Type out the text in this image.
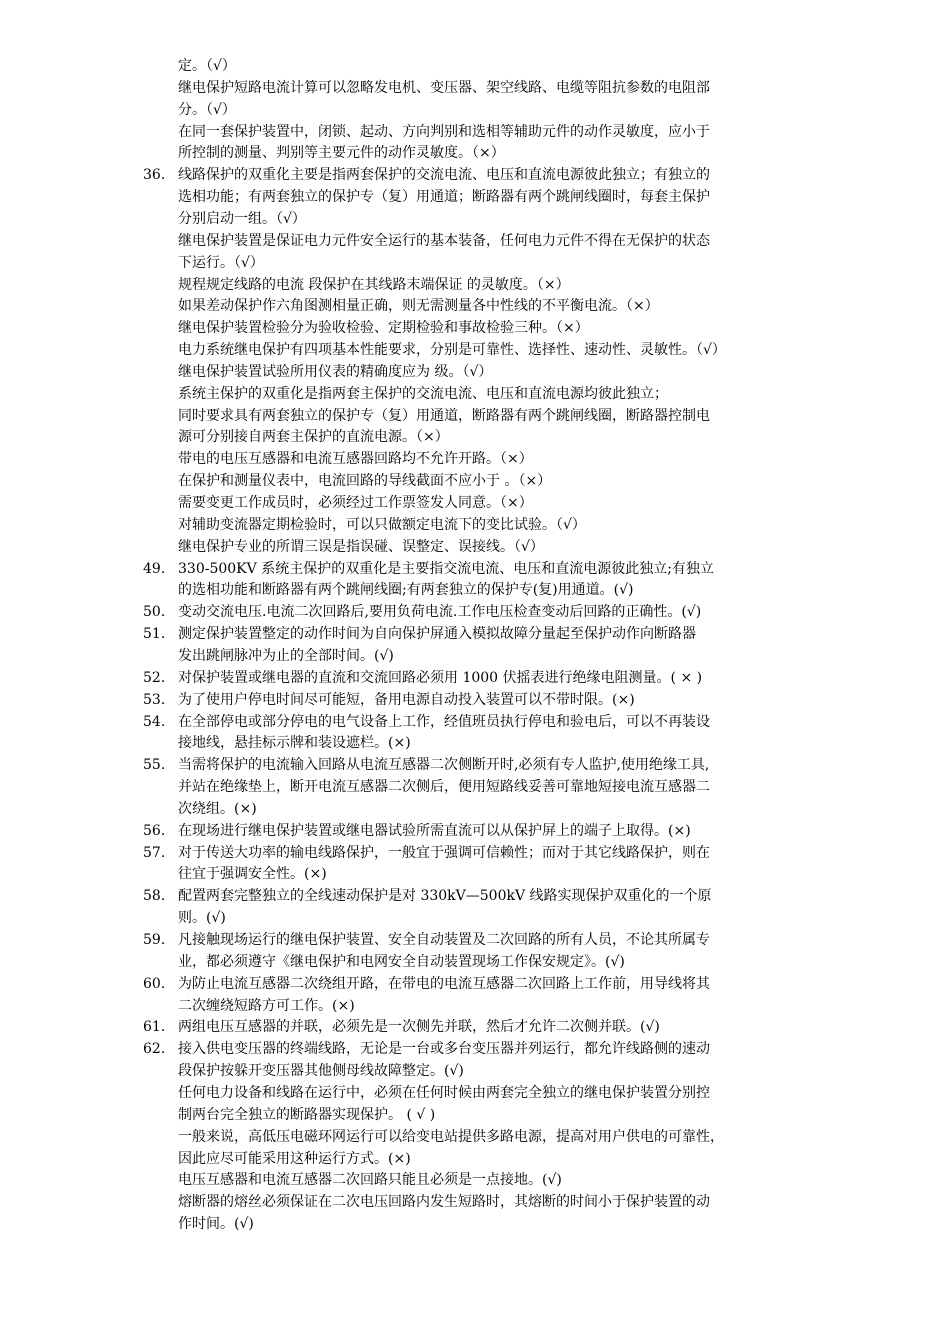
定。（√）
继电保护短路电流计算可以忽略发电机、变压器、架空线路、电缆等阻抗参数的电阻部
分。（√）
在同一套保护装置中，闭锁、起动、方向判别和选相等辅助元件的动作灵敏度，应小于
所控制的测量、判别等主要元件的动作灵敏度。（×）
36. 线路保护的双重化主要是指两套保护的交流电流、电压和直流电源彼此独立；有独立的
选相功能；有两套独立的保护专（复）用通道；断路器有两个跳闸线圈时，每套主保护
分别启动一组。（√）
继电保护装置是保证电力元件安全运行的基本装备，任何电力元件不得在无保护的状态
下运行。（√）
规程规定线路的电流 段保护在其线路末端保证 的灵敏度。（×）
如果差动保护作六角图测相量正确，则无需测量各中性线的不平衡电流。（×）
继电保护装置检验分为验收检验、定期检验和事故检验三种。（×）
电力系统继电保护有四项基本性能要求，分别是可靠性、选择性、速动性、灵敏性。（√）
继电保护装置试验所用仪表的精确度应为 级。（√）
系统主保护的双重化是指两套主保护的交流电流、电压和直流电源均彼此独立；
同时要求具有两套独立的保护专（复）用通道，断路器有两个跳闸线圈，断路器控制电
源可分别接自两套主保护的直流电源。（×）
带电的电压互感器和电流互感器回路均不允许开路。（×）
在保护和测量仪表中，电流回路的导线截面不应小于 。（×）
需要变更工作成员时，必须经过工作票签发人同意。（×）
对辅助变流器定期检验时，可以只做额定电流下的变比试验。（√）
继电保护专业的所谓三误是指误碰、误整定、误接线。（√）
49. 330-500KV 系统主保护的双重化是主要指交流电流、电压和直流电源彼此独立;有独立
的选相功能和断路器有两个跳闸线圈;有两套独立的保护专(复)用通道。(√)
50. 变动交流电压.电流二次回路后,要用负荷电流.工作电压检查变动后回路的正确性。(√)
51. 测定保护装置整定的动作时间为自向保护屏通入模拟故障分量起至保护动作向断路器
发出跳闸脉冲为止的全部时间。(√)
52. 对保护装置或继电器的直流和交流回路必须用 1000 伏摇表进行绝缘电阻测量。( × )
53. 为了使用户停电时间尽可能短，备用电源自动投入装置可以不带时限。(×)
54. 在全部停电或部分停电的电气设备上工作，经值班员执行停电和验电后，可以不再装设
接地线，悬挂标示牌和装设遮栏。(×)
55. 当需将保护的电流输入回路从电流互感器二次侧断开时,必须有专人监护,使用绝缘工具,
并站在绝缘垫上，断开电流互感器二次侧后，便用短路线妥善可靠地短接电流互感器二
次绕组。(×)
56. 在现场进行继电保护装置或继电器试验所需直流可以从保护屏上的端子上取得。(×)
57. 对于传送大功率的输电线路保护，一般宜于强调可信赖性；而对于其它线路保护，则在
往宜于强调安全性。(×)
58. 配置两套完整独立的全线速动保护是对 330kV—500kV 线路实现保护双重化的一个原
则。(√)
59. 凡接触现场运行的继电保护装置、安全自动装置及二次回路的所有人员，不论其所属专
业，都必须遵守《继电保护和电网安全自动装置现场工作保安规定》。(√)
60. 为防止电流互感器二次绕组开路，在带电的电流互感器二次回路上工作前，用导线将其
二次缠绕短路方可工作。(×)
61. 两组电压互感器的并联，必须先是一次侧先并联，然后才允许二次侧并联。(√)
62. 接入供电变压器的终端线路，无论是一台或多台变压器并列运行，都允许线路侧的速动
段保护按躲开变压器其他侧母线故障整定。(√)
任何电力设备和线路在运行中，必须在任何时候由两套完全独立的继电保护装置分别控
制两台完全独立的断路器实现保护。 ( √ )
一般来说，高低压电磁环网运行可以给变电站提供多路电源，提高对用户供电的可靠性，
因此应尽可能采用这种运行方式。(×)
电压互感器和电流互感器二次回路只能且必须是一点接地。(√)
熔断器的熔丝必须保证在二次电压回路内发生短路时，其熔断的时间小于保护装置的动
作时间。(√)
